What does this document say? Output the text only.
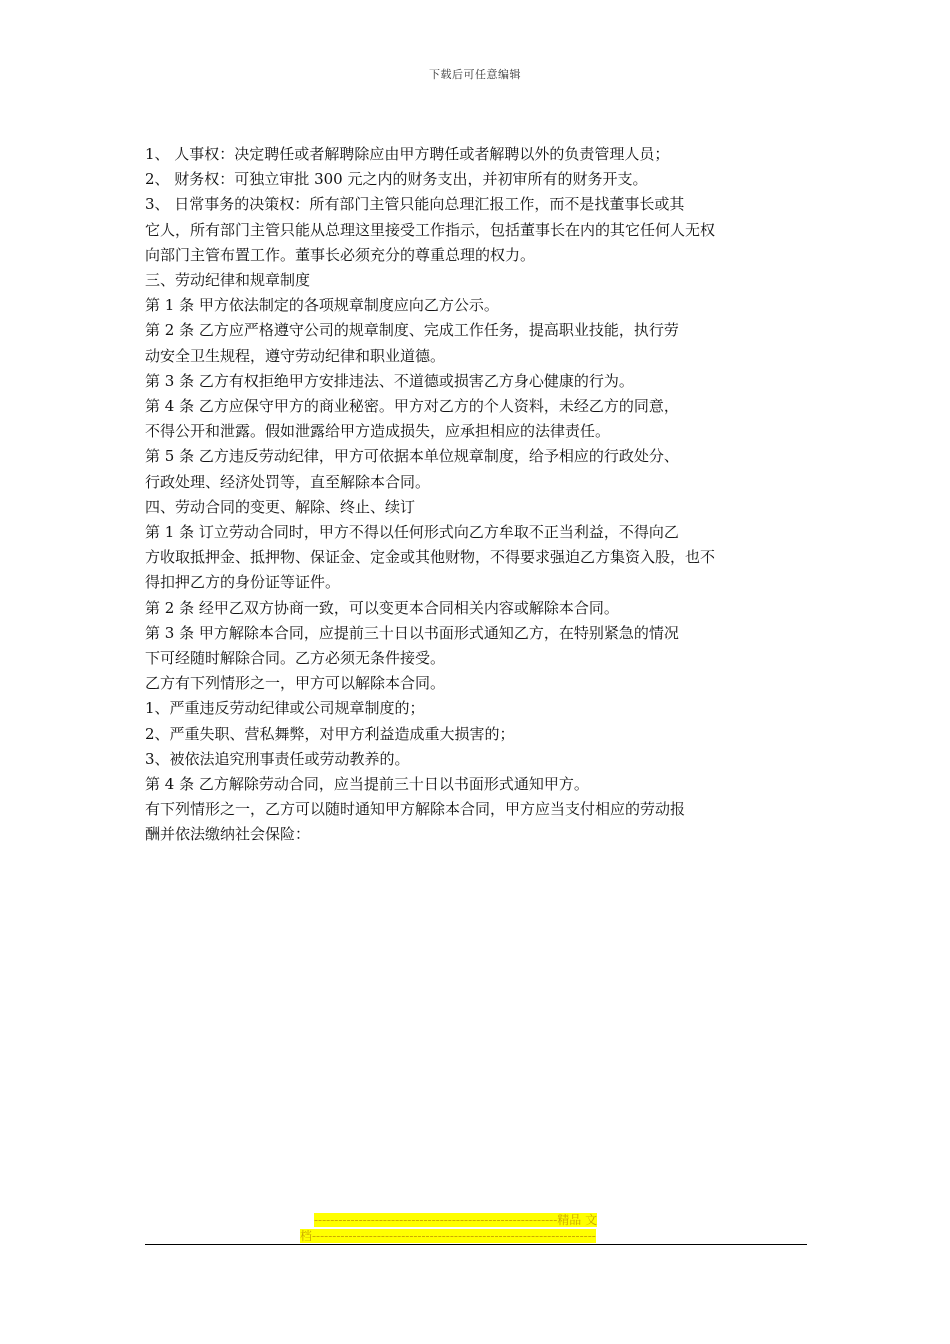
下载后可任意编辑
1、 人事权：决定聘任或者解聘除应由甲方聘任或者解聘以外的负责管理人员；
2、 财务权：可独立审批 300 元之内的财务支出，并初审所有的财务开支。
3、 日常事务的决策权：所有部门主管只能向总理汇报工作，而不是找董事长或其
它人，所有部门主管只能从总理这里接受工作指示，包括董事长在内的其它任何人无权
向部门主管布置工作。董事长必须充分的尊重总理的权力。
三、劳动纪律和规章制度
第 1 条 甲方依法制定的各项规章制度应向乙方公示。
第 2 条 乙方应严格遵守公司的规章制度、完成工作任务，提高职业技能，执行劳
动安全卫生规程，遵守劳动纪律和职业道德。
第 3 条 乙方有权拒绝甲方安排违法、不道德或损害乙方身心健康的行为。
第 4 条 乙方应保守甲方的商业秘密。甲方对乙方的个人资料，未经乙方的同意，
不得公开和泄露。假如泄露给甲方造成损失，应承担相应的法律责任。
第 5 条 乙方违反劳动纪律，甲方可依据本单位规章制度，给予相应的行政处分、
行政处理、经济处罚等，直至解除本合同。
四、劳动合同的变更、解除、终止、续订
第 1 条 订立劳动合同时，甲方不得以任何形式向乙方牟取不正当利益，不得向乙
方收取抵押金、抵押物、保证金、定金或其他财物，不得要求强迫乙方集资入股，也不
得扣押乙方的身份证等证件。
第 2 条 经甲乙双方协商一致，可以变更本合同相关内容或解除本合同。
第 3 条 甲方解除本合同，应提前三十日以书面形式通知乙方，在特别紧急的情况
下可经随时解除合同。乙方必须无条件接受。
乙方有下列情形之一，甲方可以解除本合同。
1、严重违反劳动纪律或公司规章制度的；
2、严重失职、营私舞弊，对甲方利益造成重大损害的；
3、被依法追究刑事责任或劳动教养的。
第 4 条 乙方解除劳动合同，应当提前三十日以书面形式通知甲方。
有下列情形之一，乙方可以随时通知甲方解除本合同，甲方应当支付相应的劳动报
酬并依法缴纳社会保险：
------------------------------------------------------------精品 文
档----------------------------------------------------------------------
